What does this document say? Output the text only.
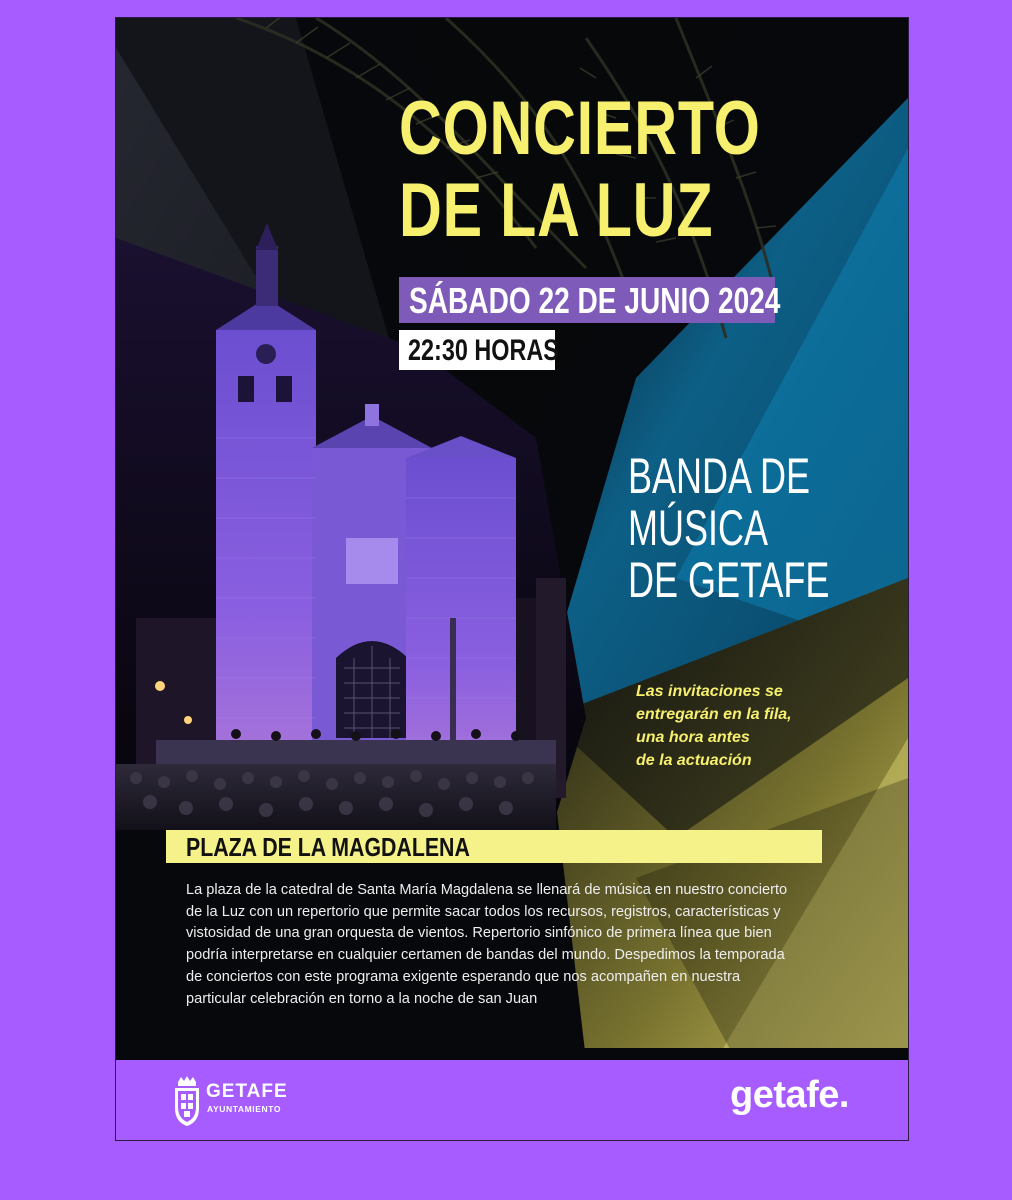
CONCIERTO
DE LA LUZ
SÁBADO 22 DE JUNIO 2024
22:30 HORAS
BANDA DE
MÚSICA
DE GETAFE
Las invitaciones se
entregarán en la fila,
una hora antes
de la actuación
PLAZA DE LA MAGDALENA
La plaza de la catedral de Santa María Magdalena se llenará de música en nuestro concierto
de la Luz con un repertorio que permite sacar todos los recursos, registros, características y
vistosidad de una gran orquesta de vientos. Repertorio sinfónico de primera línea que bien
podría interpretarse en cualquier certamen de bandas del mundo. Despedimos la temporada
de conciertos con este programa exigente esperando que nos acompañen en nuestra
particular celebración en torno a la noche de san Juan
GETAFE
AYUNTAMIENTO	getafe.
